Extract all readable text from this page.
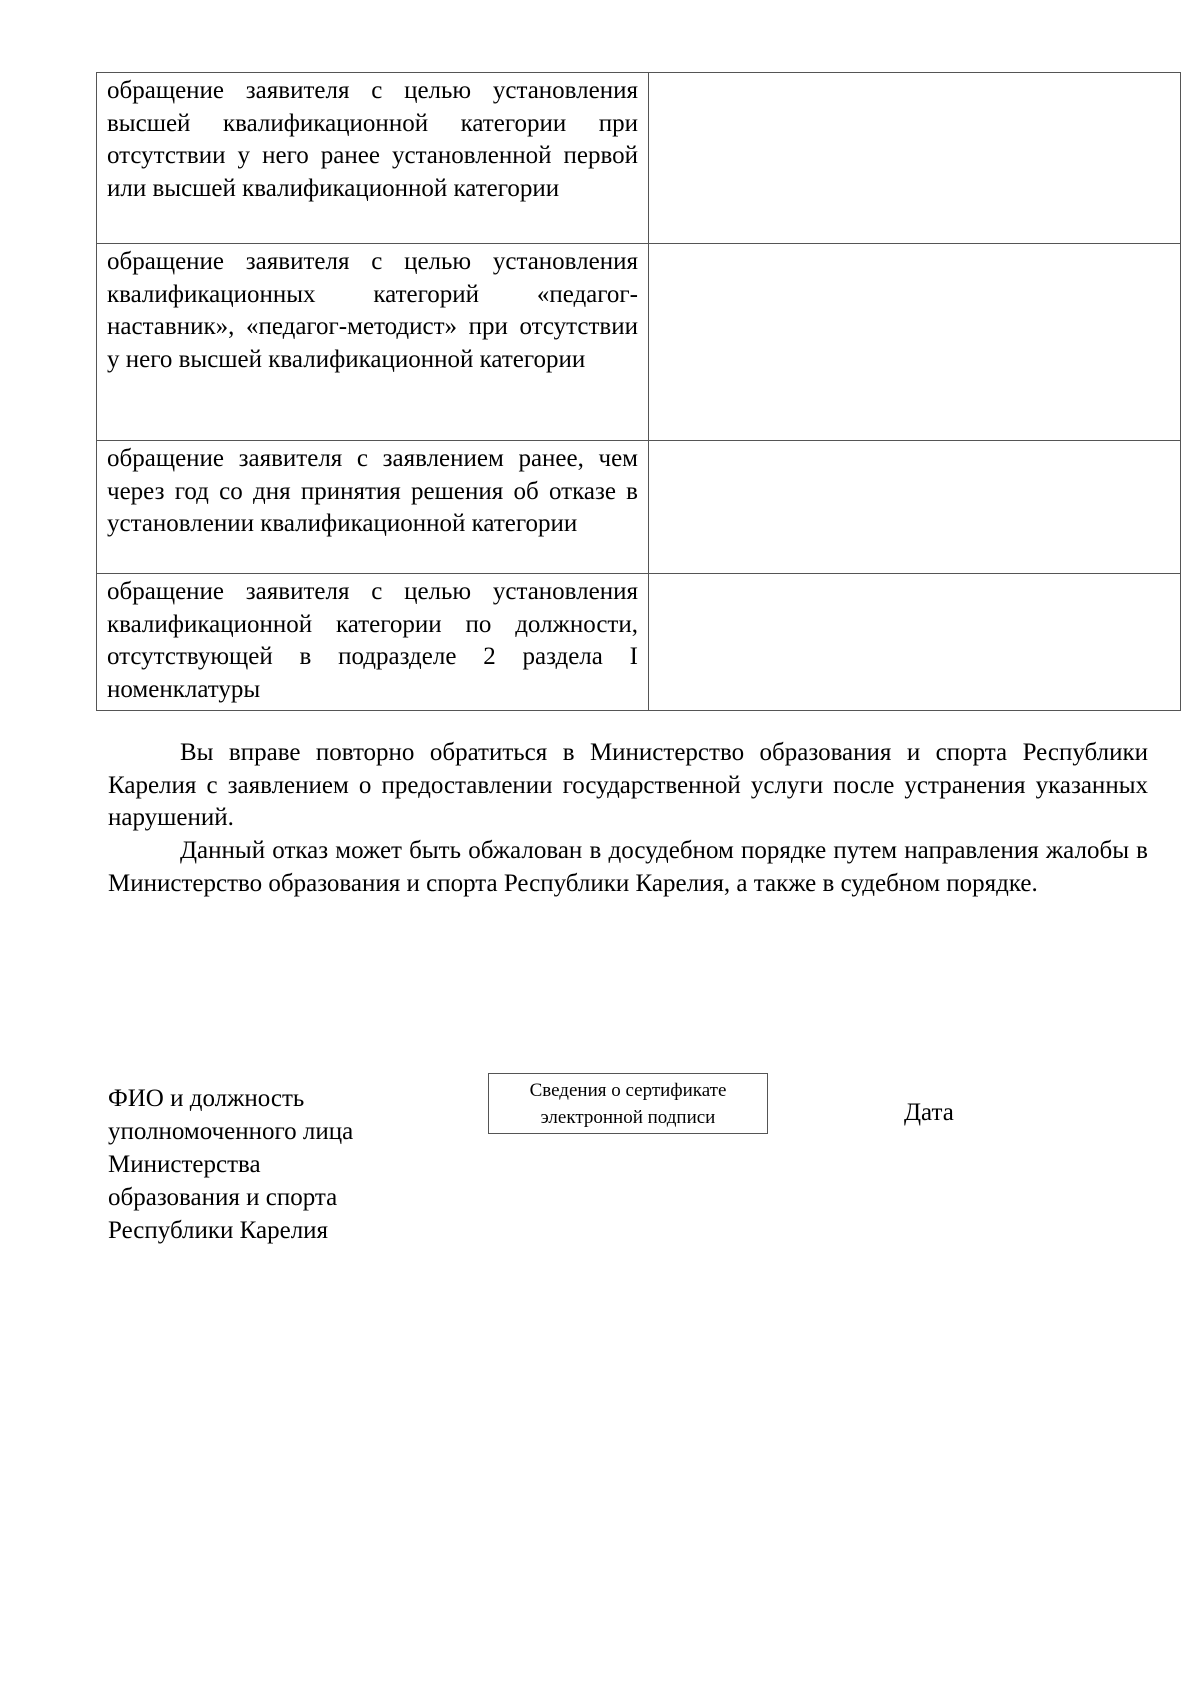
обращение заявителя с целью установления высшей квалификационной категории при отсутствии у него ранее установленной первой или высшей квалификационной категории	
обращение заявителя с целью установления квалификационных категорий «педагог-наставник», «педагог-методист» при отсутствии у него высшей квалификационной категории	
обращение заявителя с заявлением ранее, чем через год со дня принятия решения об отказе в установлении квалификационной категории	
обращение заявителя с целью установления квалификационной категории по должности, отсутствующей в подразделе 2 раздела I номенклатуры	

Вы вправе повторно обратиться в Министерство образования и спорта Республики Карелия с заявлением о предоставлении государственной услуги после устранения указанных нарушений.

Данный отказ может быть обжалован в досудебном порядке путем направления жалобы в Министерство образования и спорта Республики Карелия, а также в судебном порядке.

ФИО и должность
уполномоченного лица
Министерства
образования и спорта
Республики Карелия
Сведения о сертификате
электронной подписи	Дата
